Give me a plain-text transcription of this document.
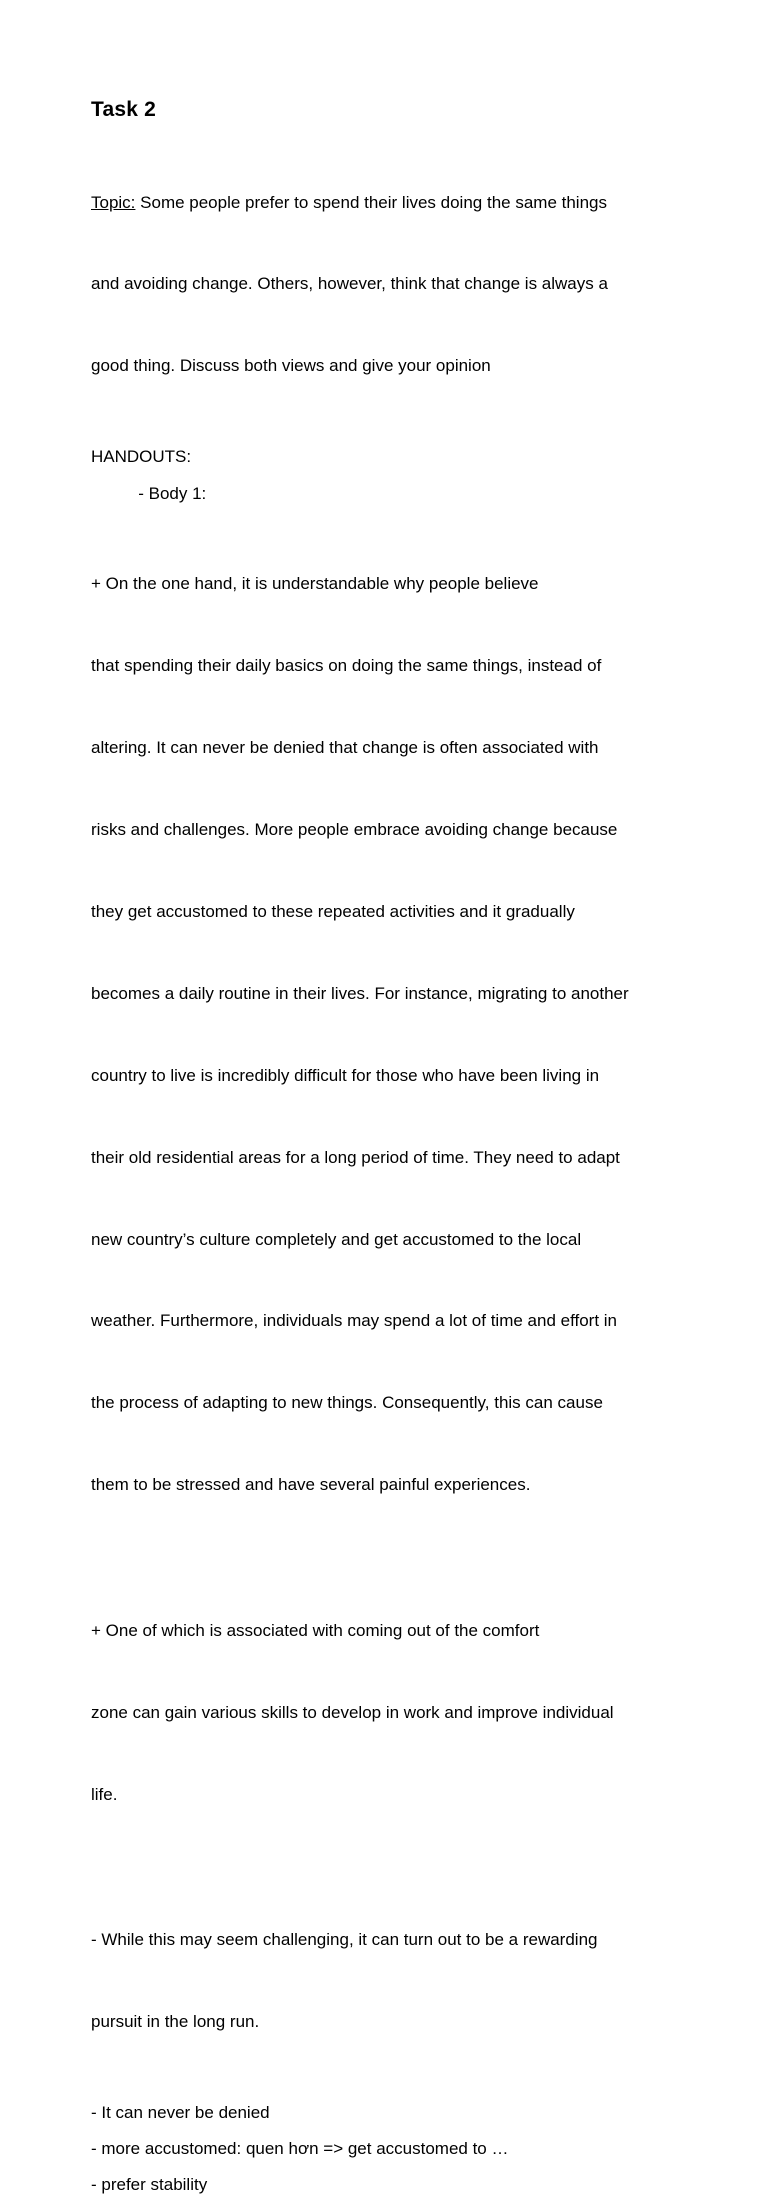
Task 2

Topic: Some people prefer to spend their lives doing the same things

and avoiding change. Others, however, think that change is always a

good thing. Discuss both views and give your opinion

HANDOUTS:
- Body 1:

+ On the one hand, it is understandable why people believe

that spending their daily basics on doing the same things, instead of

altering. It can never be denied that change is often associated with

risks and challenges. More people embrace avoiding change because

they get accustomed to these repeated activities and it gradually

becomes a daily routine in their lives. For instance, migrating to another

country to live is incredibly difficult for those who have been living in

their old residential areas for a long period of time. They need to adapt

new country’s culture completely and get accustomed to the local

weather. Furthermore, individuals may spend a lot of time and effort in

the process of adapting to new things. Consequently, this can cause

them to be stressed and have several painful experiences.

+ One of which is associated with coming out of the comfort

zone can gain various skills to develop in work and improve individual

life.

- While this may seem challenging, it can turn out to be a rewarding

pursuit in the long run.

- It can never be denied
- more accustomed: quen hơn => get accustomed to …
- prefer stability
